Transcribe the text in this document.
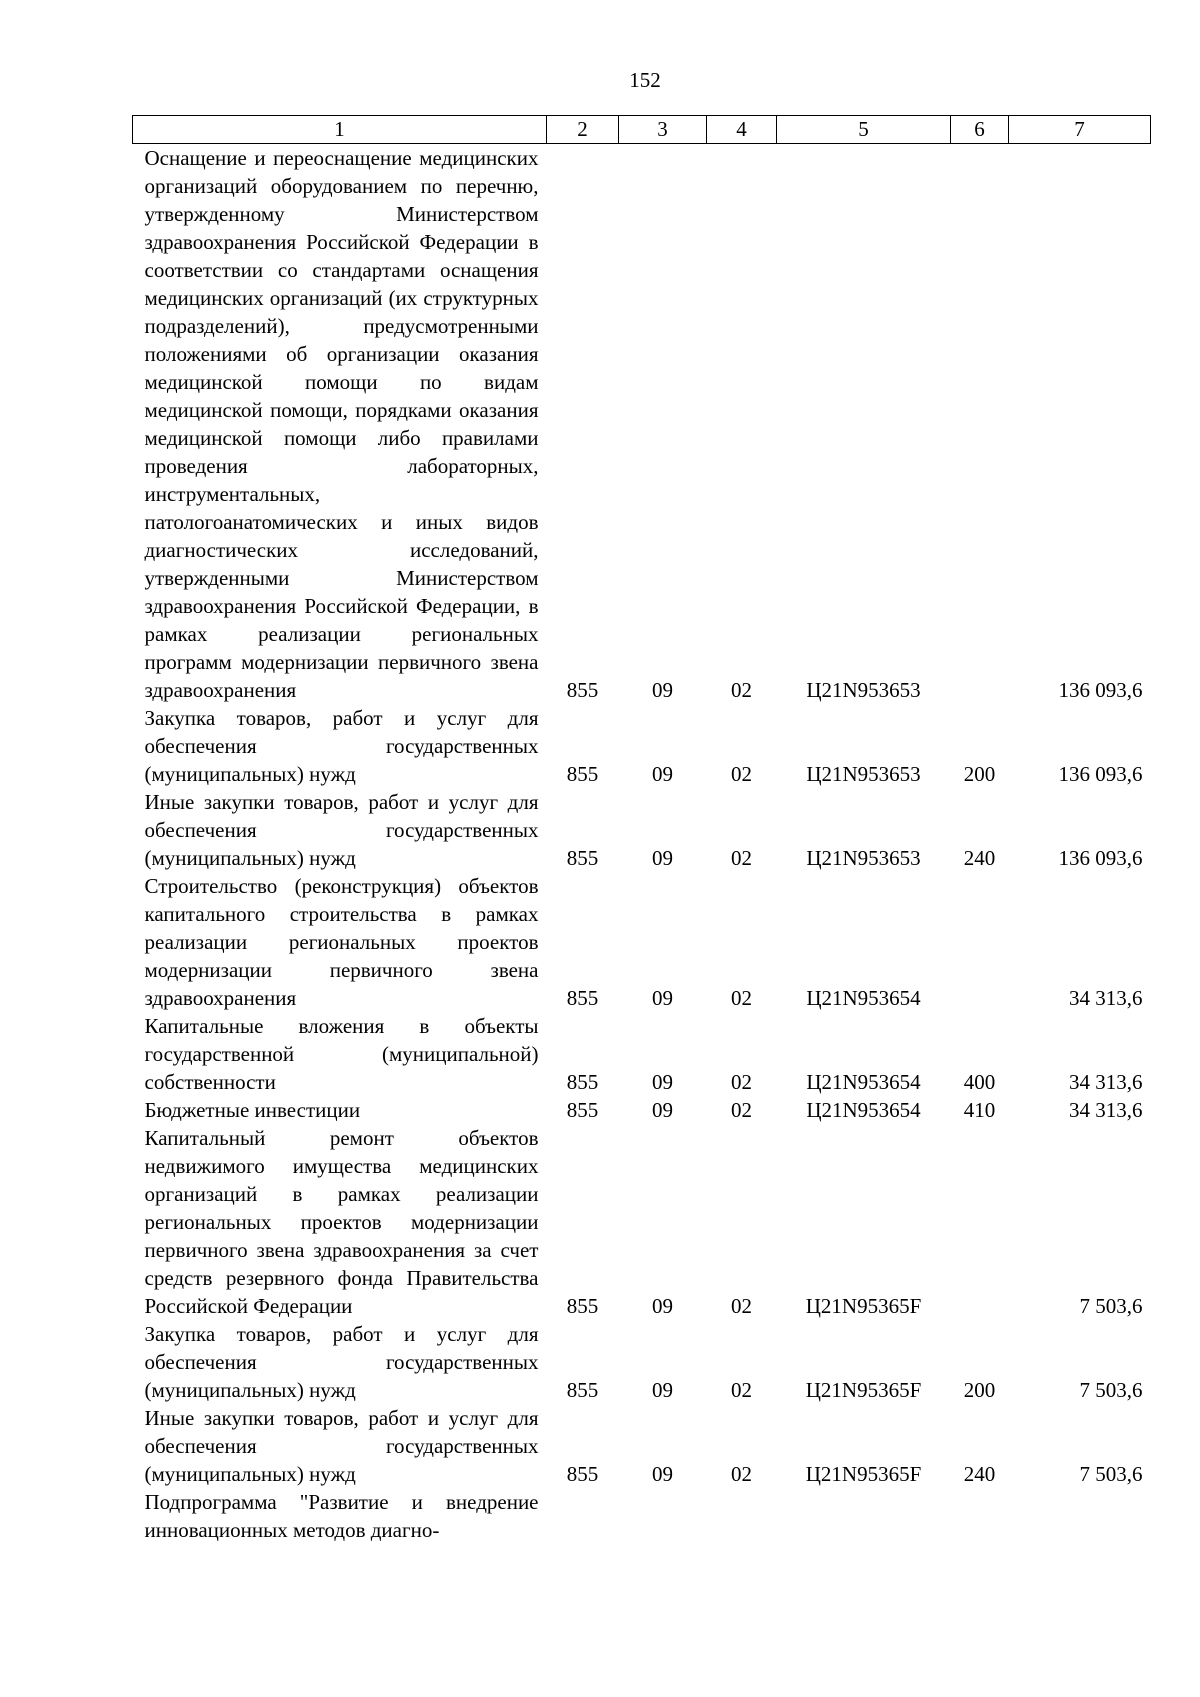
152
1	2	3	4	5	6	7
Оснащение и переоснащение медицинских организаций оборудованием по перечню, утвержденному Министерством здравоохранения Российской Федерации в соответствии со стандартами оснащения медицинских организаций (их структурных подразделений), предусмотренными положениями об организации оказания медицинской помощи по видам медицинской помощи, порядками оказания медицинской помощи либо правилами проведения лабораторных, инструментальных, патологоанатомических и иных видов диагностических исследований, утвержденными Министерством здравоохранения Российской Федерации, в рамках реализации региональных программ модернизации первичного звена здравоохранения	855	09	02	Ц21N953653		136 093,6
Закупка товаров, работ и услуг для обеспечения государственных (муниципальных) нужд	855	09	02	Ц21N953653	200	136 093,6
Иные закупки товаров, работ и услуг для обеспечения государственных (муниципальных) нужд	855	09	02	Ц21N953653	240	136 093,6
Строительство (реконструкция) объектов капитального строительства в рамках реализации региональных проектов модернизации первичного звена здравоохранения	855	09	02	Ц21N953654		34 313,6
Капитальные вложения в объекты государственной (муниципальной) собственности	855	09	02	Ц21N953654	400	34 313,6
Бюджетные инвестиции	855	09	02	Ц21N953654	410	34 313,6
Капитальный ремонт объектов недвижимого имущества медицинских организаций в рамках реализации региональных проектов модернизации первичного звена здравоохранения за счет средств резервного фонда Правительства Российской Федерации	855	09	02	Ц21N95365F		7 503,6
Закупка товаров, работ и услуг для обеспечения государственных (муниципальных) нужд	855	09	02	Ц21N95365F	200	7 503,6
Иные закупки товаров, работ и услуг для обеспечения государственных (муниципальных) нужд	855	09	02	Ц21N95365F	240	7 503,6
Подпрограмма "Развитие и внедрение инновационных методов диагно-						
